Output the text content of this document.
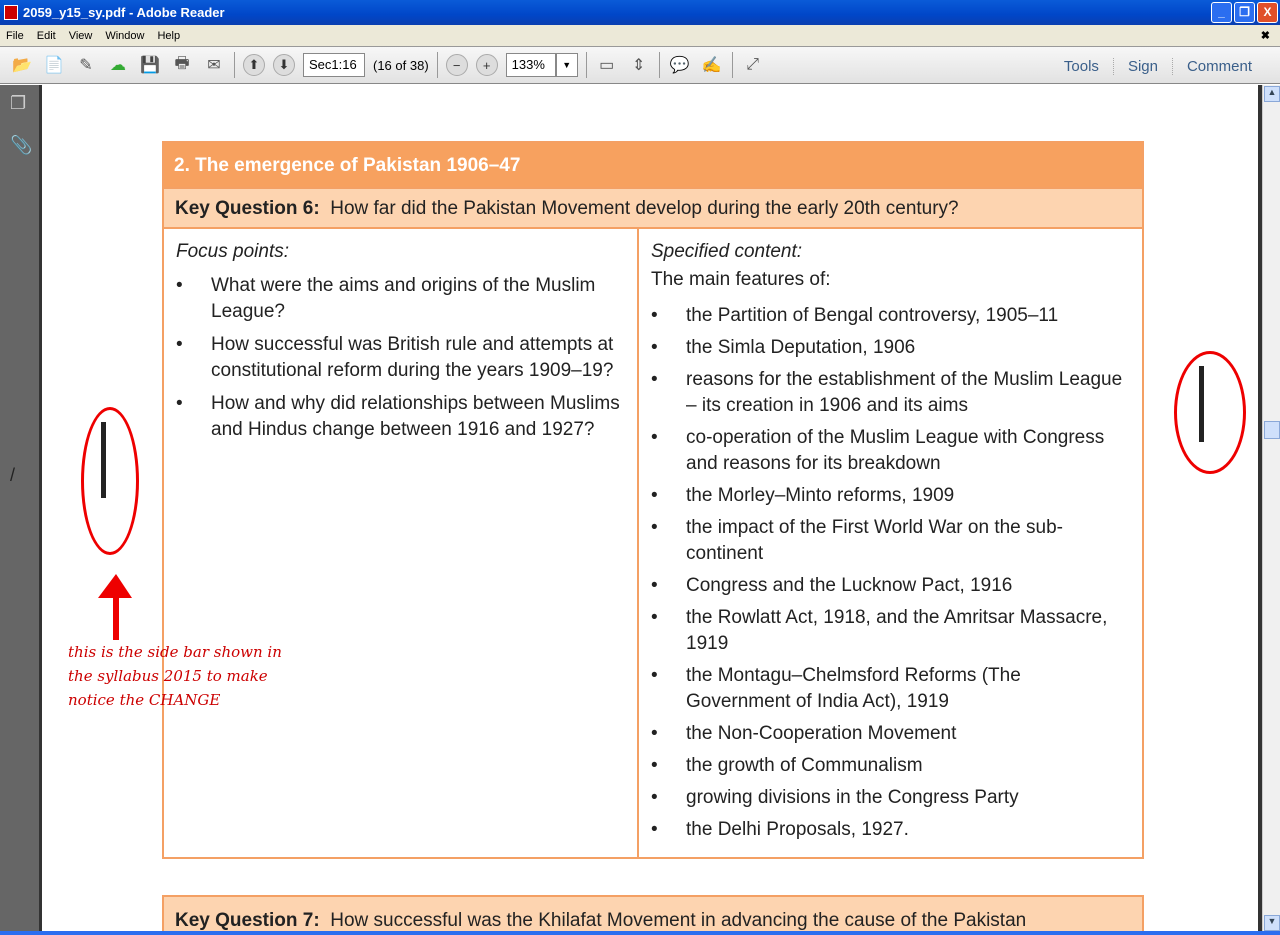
2059_y15_sy.pdf - Adobe Reader	_	❐	X
File Edit View Window Help	✖
📂 📄 ✎	☁ 💾 🖶	✉	⬆	⬇	Sec1:16	(16 of 38)	−	+	133%	▼	▭	⇕	💬 ✍	⤢	Tools	Sign	Comment
❐
📎
/
2. The emergence of Pakistan 1906–47
Key Question 6: How far did the Pakistan Movement develop during the early 20th century?
Focus points:
• What were the aims and origins of the Muslim League?
• How successful was British rule and attempts at constitutional reform during the years 1909–19?
• How and why did relationships between Muslims and Hindus change between 1916 and 1927?
Specified content:
The main features of:
• the Partition of Bengal controversy, 1905–11
• the Simla Deputation, 1906
• reasons for the establishment of the Muslim League – its creation in 1906 and its aims
• co-operation of the Muslim League with Congress and reasons for its breakdown
• the Morley–Minto reforms, 1909
• the impact of the First World War on the sub-continent
• Congress and the Lucknow Pact, 1916
• the Rowlatt Act, 1918, and the Amritsar Massacre, 1919
• the Montagu–Chelmsford Reforms (The Government of India Act), 1919
• the Non-Cooperation Movement
• the growth of Communalism
• growing divisions in the Congress Party
• the Delhi Proposals, 1927.
Key Question 7: How successful was the Khilafat Movement in advancing the cause of the Pakistan
▲
▼
this is the side bar shown in
the syllabus 2015 to make
notice the CHANGE
